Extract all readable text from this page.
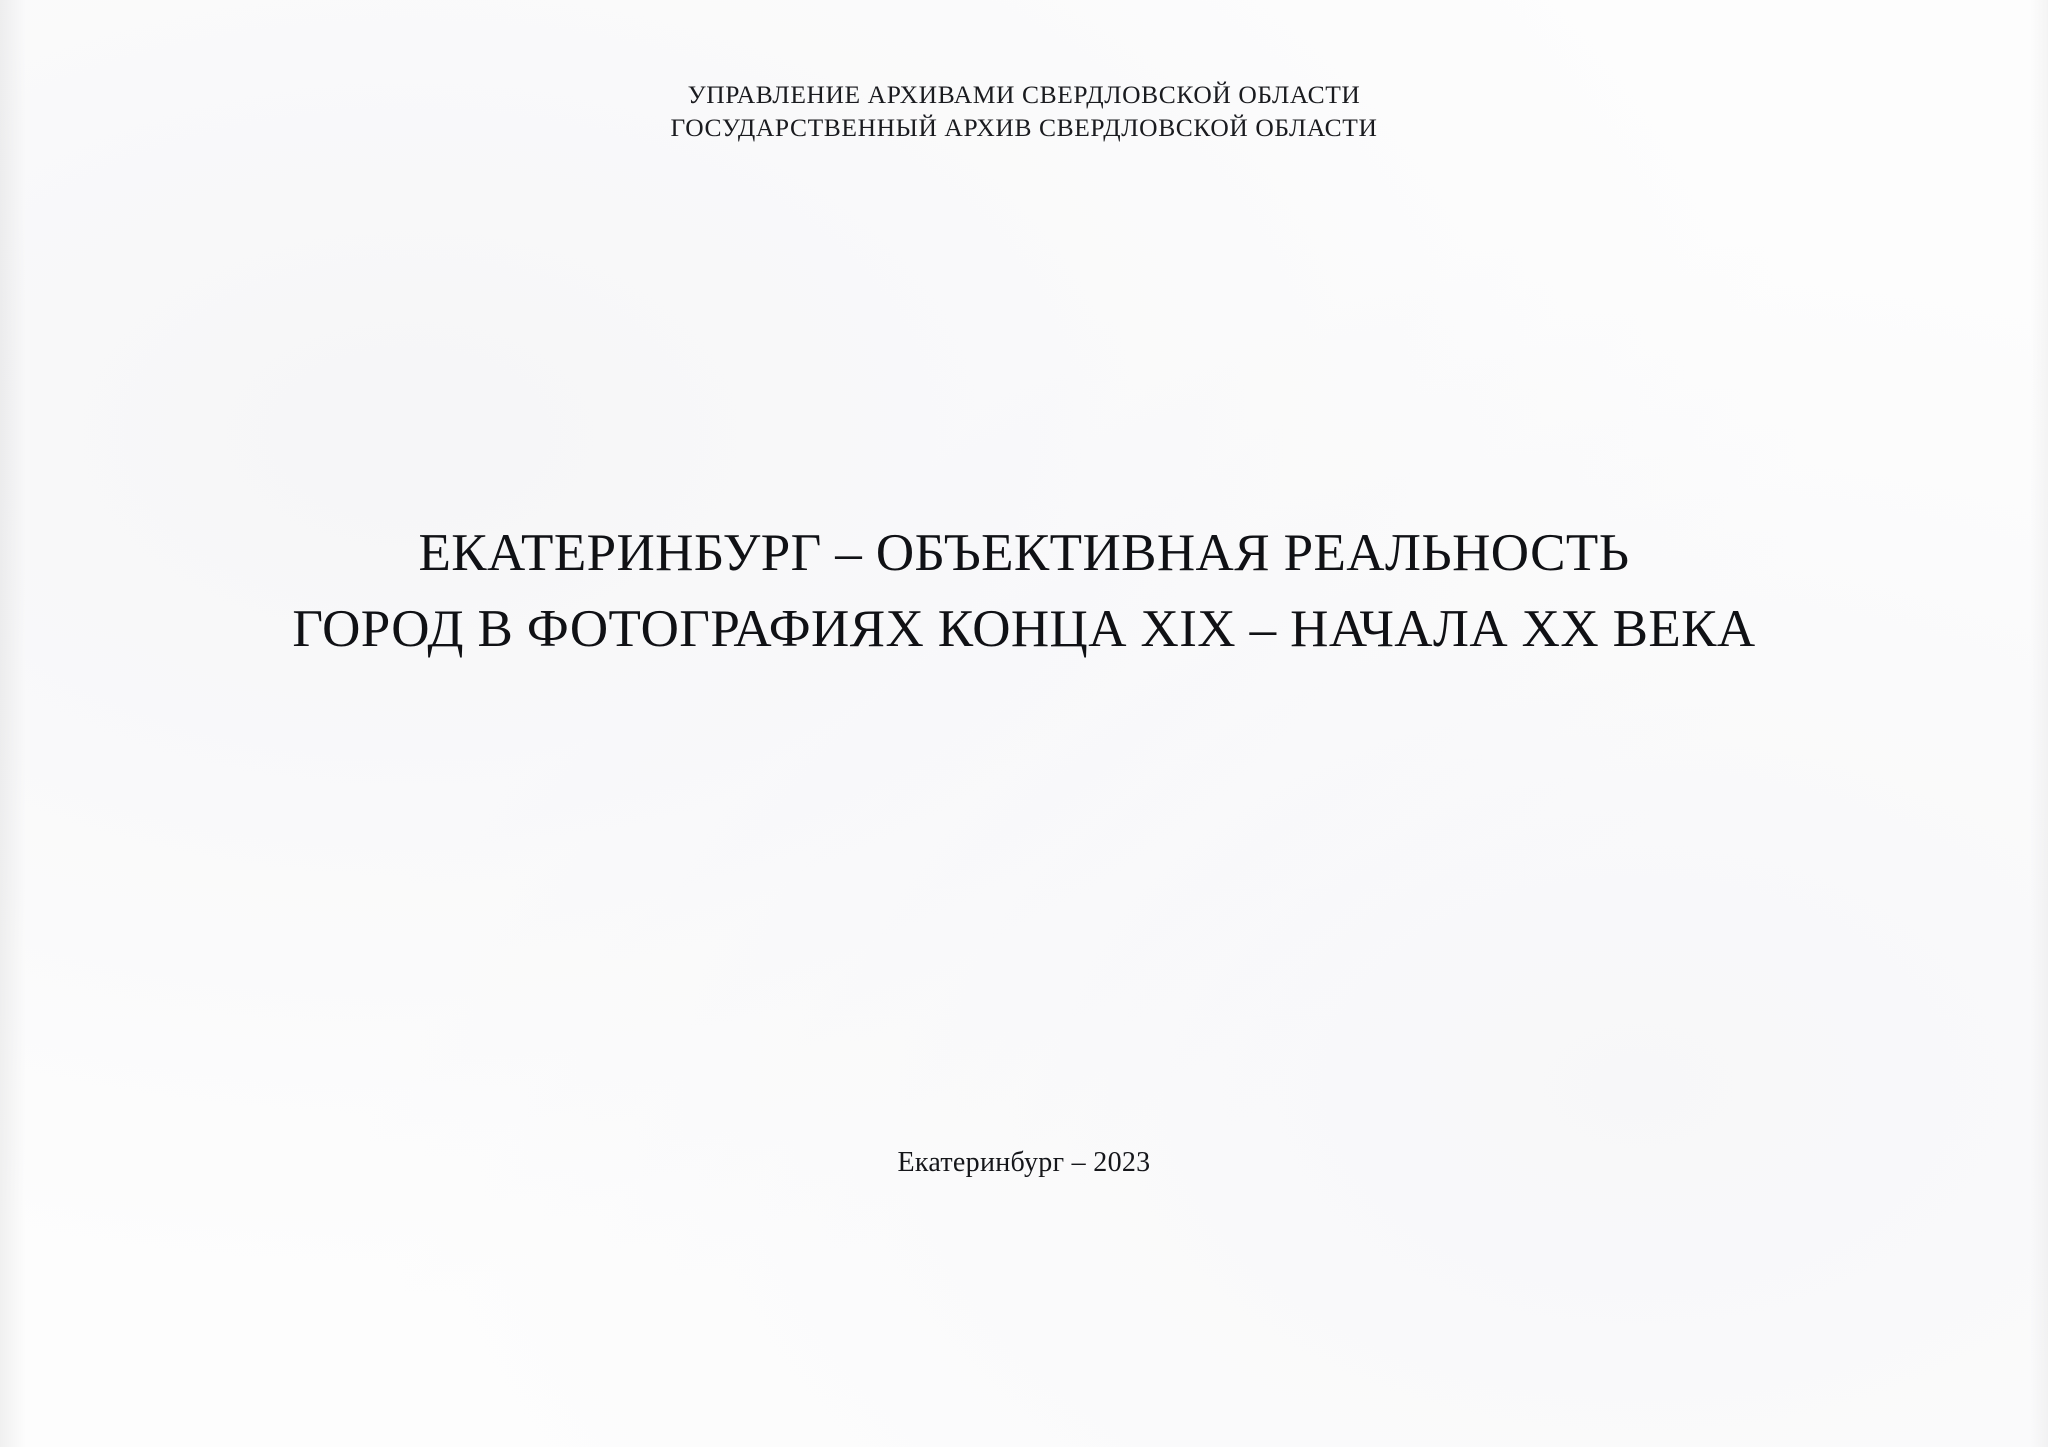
УПРАВЛЕНИЕ АРХИВАМИ СВЕРДЛОВСКОЙ ОБЛАСТИ
ГОСУДАРСТВЕННЫЙ АРХИВ СВЕРДЛОВСКОЙ ОБЛАСТИ
ЕКАТЕРИНБУРГ – ОБЪЕКТИВНАЯ РЕАЛЬНОСТЬ
ГОРОД В ФОТОГРАФИЯХ КОНЦА XIX – НАЧАЛА XX ВЕКА
Екатеринбург – 2023
